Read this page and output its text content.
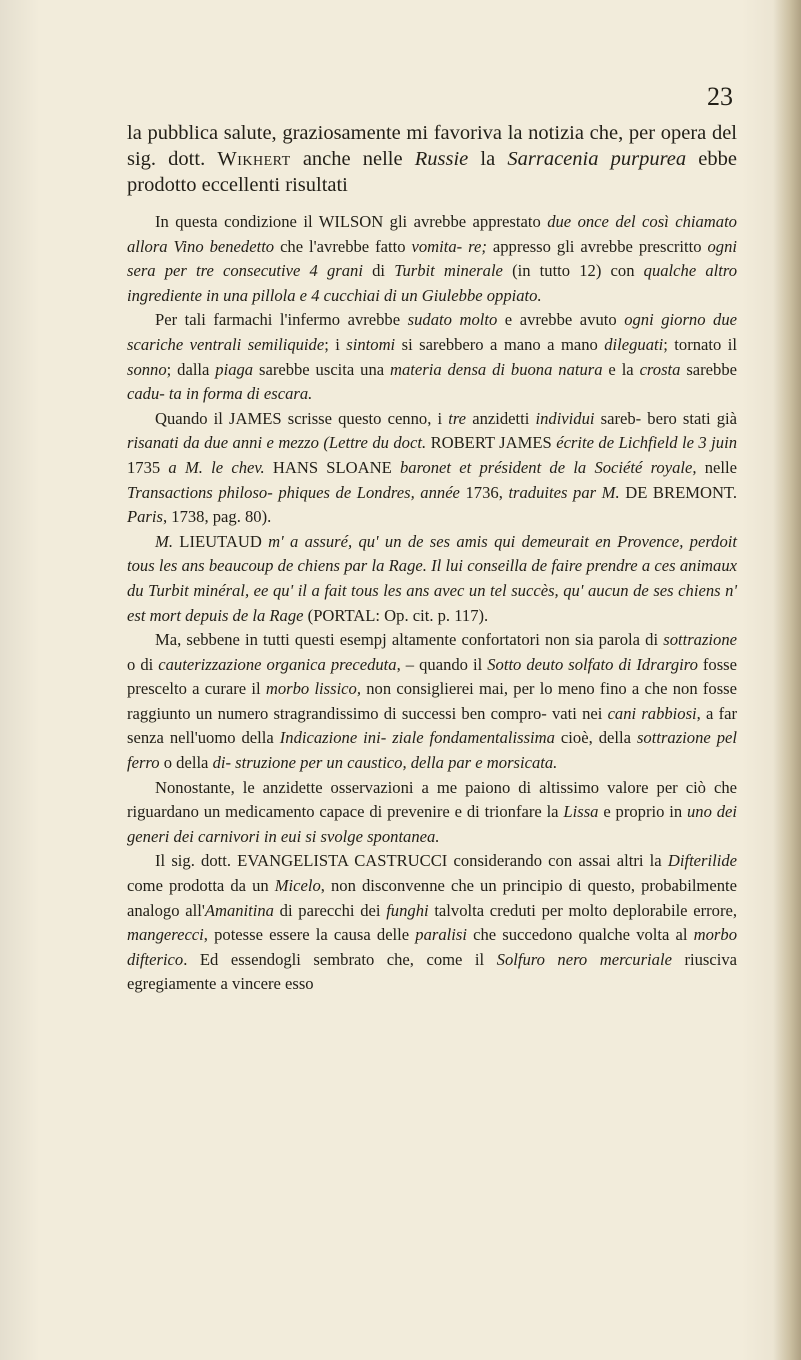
23

la pubblica salute, graziosamente mi favoriva la notizia che, per opera del sig. dott. Wikhert anche nelle Russie la Sarracenia purpurea ebbe prodotto eccellenti risultati

In questa condizione il WILSON gli avrebbe apprestato due once del così chiamato allora Vino benedetto che l'avrebbe fatto vomita- re; appresso gli avrebbe prescritto ogni sera per tre consecutive 4 grani di Turbit minerale (in tutto 12) con qualche altro ingrediente in una pillola e 4 cucchiai di un Giulebbe oppiato.

Per tali farmachi l'infermo avrebbe sudato molto e avrebbe avuto ogni giorno due scariche ventrali semiliquide; i sintomi si sarebbero a mano a mano dileguati; tornato il sonno; dalla piaga sarebbe uscita una materia densa di buona natura e la crosta sarebbe cadu- ta in forma di escara.

Quando il JAMES scrisse questo cenno, i tre anzidetti individui sareb- bero stati già risanati da due anni e mezzo (Lettre du doct. ROBERT JAMES écrite de Lichfield le 3 juin 1735 a M. le chev. HANS SLOANE baronet et président de la Société royale, nelle Transactions philoso- phiques de Londres, année 1736, traduites par M. DE BREMONT. Paris, 1738, pag. 80).

M. LIEUTAUD m' a assuré, qu' un de ses amis qui demeurait en Provence, perdoit tous les ans beaucoup de chiens par la Rage. Il lui conseilla de faire prendre a ces animaux du Turbit minéral, ee qu' il a fait tous les ans avec un tel succès, qu' aucun de ses chiens n' est mort depuis de la Rage (PORTAL: Op. cit. p. 117).

Ma, sebbene in tutti questi esempj altamente confortatori non sia parola di sottrazione o di cauterizzazione organica preceduta, – quando il Sotto deuto solfato di Idrargiro fosse prescelto a curare il morbo lissico, non consiglierei mai, per lo meno fino a che non fosse raggiunto un numero stragrandissimo di successi ben compro- vati nei cani rabbiosi, a far senza nell'uomo della Indicazione ini- ziale fondamentalissima cioè, della sottrazione pel ferro o della di- struzione per un caustico, della par e morsicata.

Nonostante, le anzidette osservazioni a me paiono di altissimo valore per ciò che riguardano un medicamento capace di prevenire e di trionfare la Lissa e proprio in uno dei generi dei carnivori in eui si svolge spontanea.

Il sig. dott. EVANGELISTA CASTRUCCI considerando con assai altri la Difterilide come prodotta da un Micelo, non disconvenne che un principio di questo, probabilmente analogo all'Amanitina di parecchi dei funghi talvolta creduti per molto deplorabile errore, mangerecci, potesse essere la causa delle paralisi che succedono qualche volta al morbo difterico. Ed essendogli sembrato che, come il Solfuro nero mercuriale riusciva egregiamente a vincere esso
